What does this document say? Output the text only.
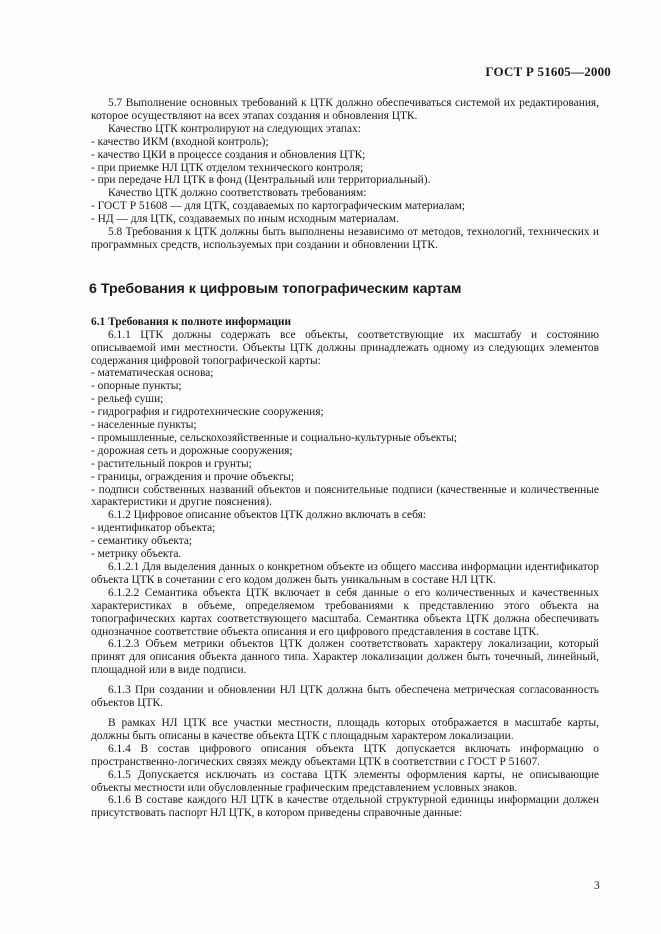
ГОСТ Р 51605—2000

5.7 Выполнение основных требований к ЦТК должно обеспечиваться системой их редактирования, которое осуществляют на всех этапах создания и обновления ЦТК.

Качество ЦТК контролируют на следующих этапах:

- качество ИКМ (входной контроль);

- качество ЦКИ в процессе создания и обновления ЦТК;

- при приемке НЛ ЦТК отделом технического контроля;

- при передаче НЛ ЦТК в фонд (Центральный или территориальный).

Качество ЦТК должно соответствовать требованиям:

- ГОСТ Р 51608 — для ЦТК, создаваемых по картографическим материалам;

- НД — для ЦТК, создаваемых по иным исходным материалам.

5.8 Требования к ЦТК должны быть выполнены независимо от методов, технологий, технических и программных средств, используемых при создании и обновлении ЦТК.

6 Требования к цифровым топографическим картам

6.1 Требования к полноте информации

6.1.1 ЦТК должны содержать все объекты, соответствующие их масштабу и состоянию описываемой ими местности. Объекты ЦТК должны принадлежать одному из следующих элементов содержания цифровой топографической карты:

- математическая основа;

- опорные пункты;

- рельеф суши;

- гидрография и гидротехнические сооружения;

- населенные пункты;

- промышленные, сельскохозяйственные и социально-культурные объекты;

- дорожная сеть и дорожные сооружения;

- растительный покров и грунты;

- границы, ограждения и прочие объекты;

- подписи собственных названий объектов и пояснительные подписи (качественные и количественные характеристики и другие пояснения).

6.1.2 Цифровое описание объектов ЦТК должно включать в себя:

- идентификатор объекта;

- семантику объекта;

- метрику объекта.

6.1.2.1 Для выделения данных о конкретном объекте из общего массива информации идентификатор объекта ЦТК в сочетании с его кодом должен быть уникальным в составе НЛ ЦТК.

6.1.2.2 Семантика объекта ЦТК включает в себя данные о его количественных и качественных характеристиках в объеме, определяемом требованиями к представлению этого объекта на топографических картах соответствующего масштаба. Семантика объекта ЦТК должна обеспечивать однозначное соответствие объекта описания и его цифрового представления в составе ЦТК.

6.1.2.3 Объем метрики объектов ЦТК должен соответствовать характеру локализации, который принят для описания объекта данного типа. Характер локализации должен быть точечный, линейный, площадной или в виде подписи.

6.1.3 При создании и обновлении НЛ ЦТК должна быть обеспечена метрическая согласованность объектов ЦТК.

В рамках НЛ ЦТК все участки местности, площадь которых отображается в масштабе карты, должны быть описаны в качестве объекта ЦТК с площадным характером локализации.

6.1.4 В состав цифрового описания объекта ЦТК допускается включать информацию о пространственно-логических связях между объектами ЦТК в соответствии с ГОСТ Р 51607.

6.1.5 Допускается исключать из состава ЦТК элементы оформления карты, не описывающие объекты местности или обусловленные графическим представлением условных знаков.

6.1.6 В составе каждого НЛ ЦТК в качестве отдельной структурной единицы информации должен присутствовать паспорт НЛ ЦТК, в котором приведены справочные данные:

3
